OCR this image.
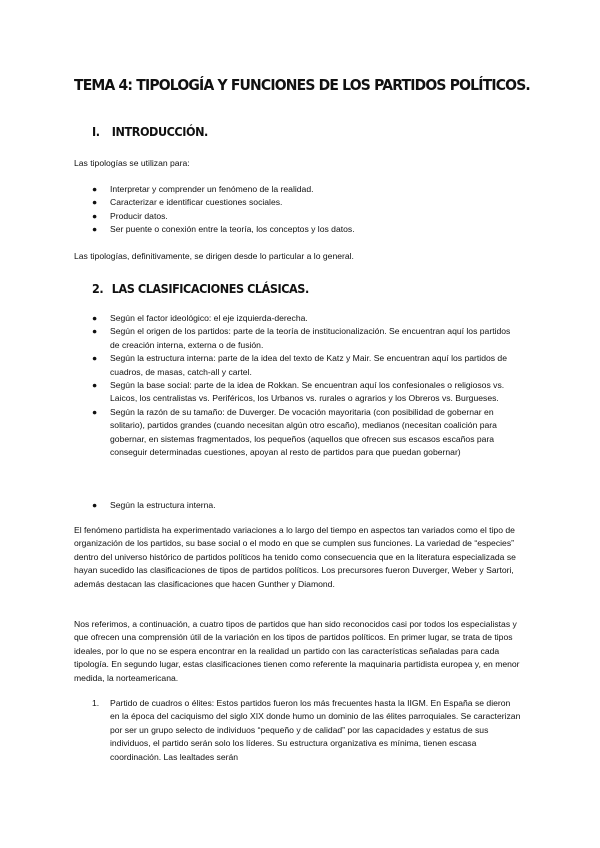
TEMA 4: TIPOLOGÍA Y FUNCIONES DE LOS PARTIDOS POLÍTICOS.
I. INTRODUCCIÓN.

Las tipologías se utilizan para:

● Interpretar y comprender un fenómeno de la realidad.
● Caracterizar e identificar cuestiones sociales.
● Producir datos.
● Ser puente o conexión entre la teoría, los conceptos y los datos.

Las tipologías, definitivamente, se dirigen desde lo particular a lo general.

2. LAS CLASIFICACIONES CLÁSICAS.
● Según el factor ideológico: el eje izquierda-derecha.
● Según el origen de los partidos: parte de la teoría de institucionalización. Se encuentran aquí los partidos de creación interna, externa o de fusión.
● Según la estructura interna: parte de la idea del texto de Katz y Mair. Se encuentran aquí los partidos de cuadros, de masas, catch-all y cartel.
● Según la base social: parte de la idea de Rokkan. Se encuentran aquí los confesionales o religiosos vs. Laicos, los centralistas vs. Periféricos, los Urbanos vs. rurales o agrarios y los Obreros vs. Burgueses.
● Según la razón de su tamaño: de Duverger. De vocación mayoritaria (con posibilidad de gobernar en solitario), partidos grandes (cuando necesitan algún otro escaño), medianos (necesitan coalición para gobernar, en sistemas fragmentados, los pequeños (aquellos que ofrecen sus escasos escaños para conseguir determinadas cuestiones, apoyan al resto de partidos para que puedan gobernar)
● Según la estructura interna.

El fenómeno partidista ha experimentado variaciones a lo largo del tiempo en aspectos tan variados como el tipo de organización de los partidos, su base social o el modo en que se cumplen sus funciones. La variedad de “especies” dentro del universo histórico de partidos políticos ha tenido como consecuencia que en la literatura especializada se hayan sucedido las clasificaciones de tipos de partidos políticos. Los precursores fueron Duverger, Weber y Sartori, además destacan las clasificaciones que hacen Gunther y Diamond.

Nos referimos, a continuación, a cuatro tipos de partidos que han sido reconocidos casi por todos los especialistas y que ofrecen una comprensión útil de la variación en los tipos de partidos políticos. En primer lugar, se trata de tipos ideales, por lo que no se espera encontrar en la realidad un partido con las características señaladas para cada tipología. En segundo lugar, estas clasificaciones tienen como referente la maquinaria partidista europea y, en menor medida, la norteamericana.

1. Partido de cuadros o élites: Estos partidos fueron los más frecuentes hasta la IIGM. En España se dieron en la época del caciquismo del siglo XIX donde humo un dominio de las élites parroquiales. Se caracterizan por ser un grupo selecto de individuos “pequeño y de calidad” por las capacidades y estatus de sus individuos, el partido serán solo los líderes. Su estructura organizativa es mínima, tienen escasa coordinación. Las lealtades serán
